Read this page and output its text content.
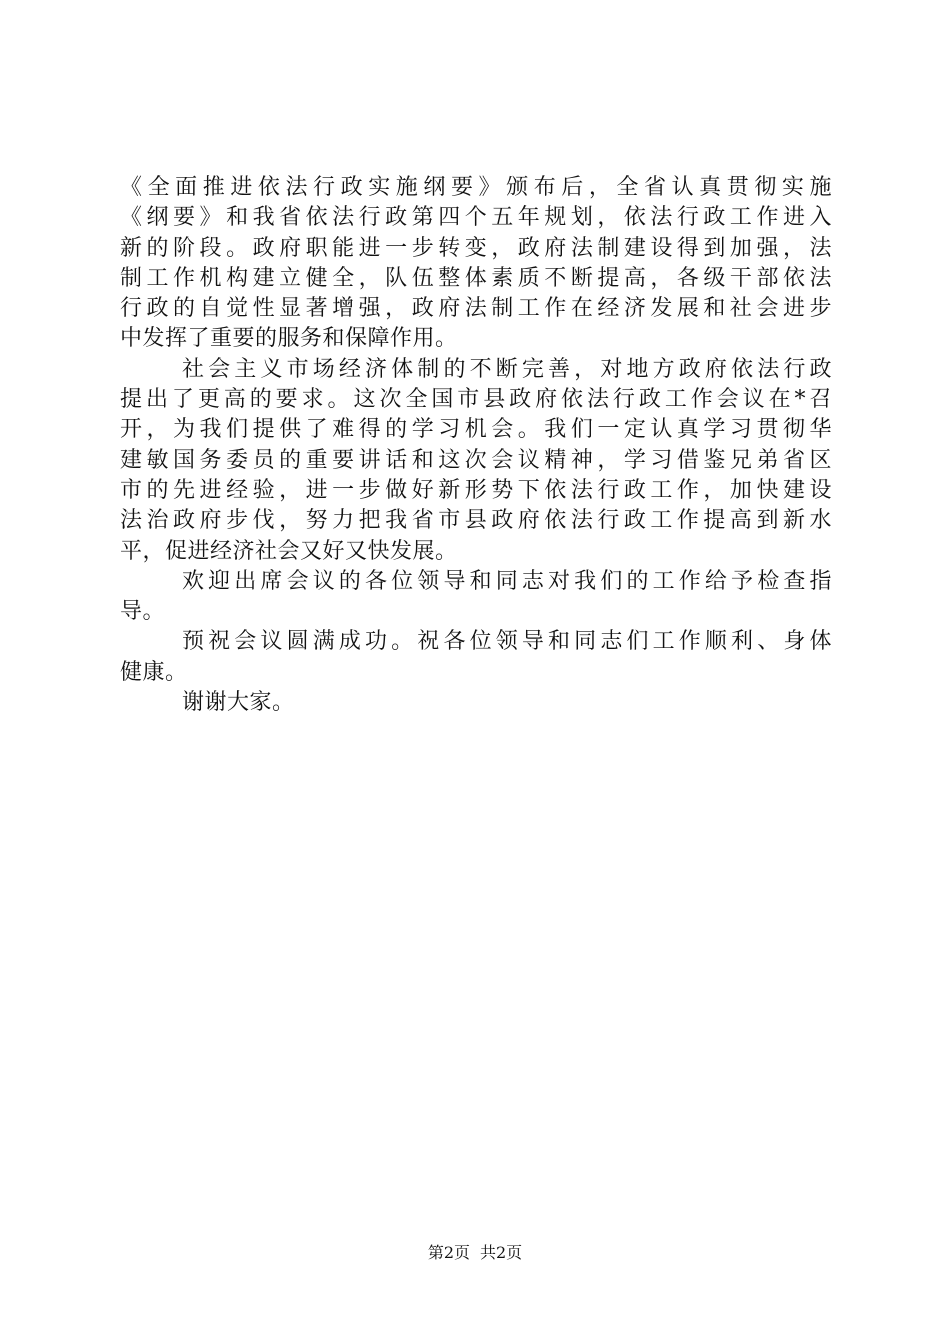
《全面推进依法行政实施纲要》颁布后，全省认真贯彻实施
《纲要》和我省依法行政第四个五年规划，依法行政工作进入
新的阶段。政府职能进一步转变，政府法制建设得到加强，法
制工作机构建立健全，队伍整体素质不断提高，各级干部依法
行政的自觉性显著增强，政府法制工作在经济发展和社会进步
中发挥了重要的服务和保障作用。
社会主义市场经济体制的不断完善，对地方政府依法行政
提出了更高的要求。这次全国市县政府依法行政工作会议在*召
开，为我们提供了难得的学习机会。我们一定认真学习贯彻华
建敏国务委员的重要讲话和这次会议精神，学习借鉴兄弟省区
市的先进经验，进一步做好新形势下依法行政工作，加快建设
法治政府步伐，努力把我省市县政府依法行政工作提高到新水
平，促进经济社会又好又快发展。
欢迎出席会议的各位领导和同志对我们的工作给予检查指
导。
预祝会议圆满成功。祝各位领导和同志们工作顺利、身体
健康。
谢谢大家。
第2页 共2页
